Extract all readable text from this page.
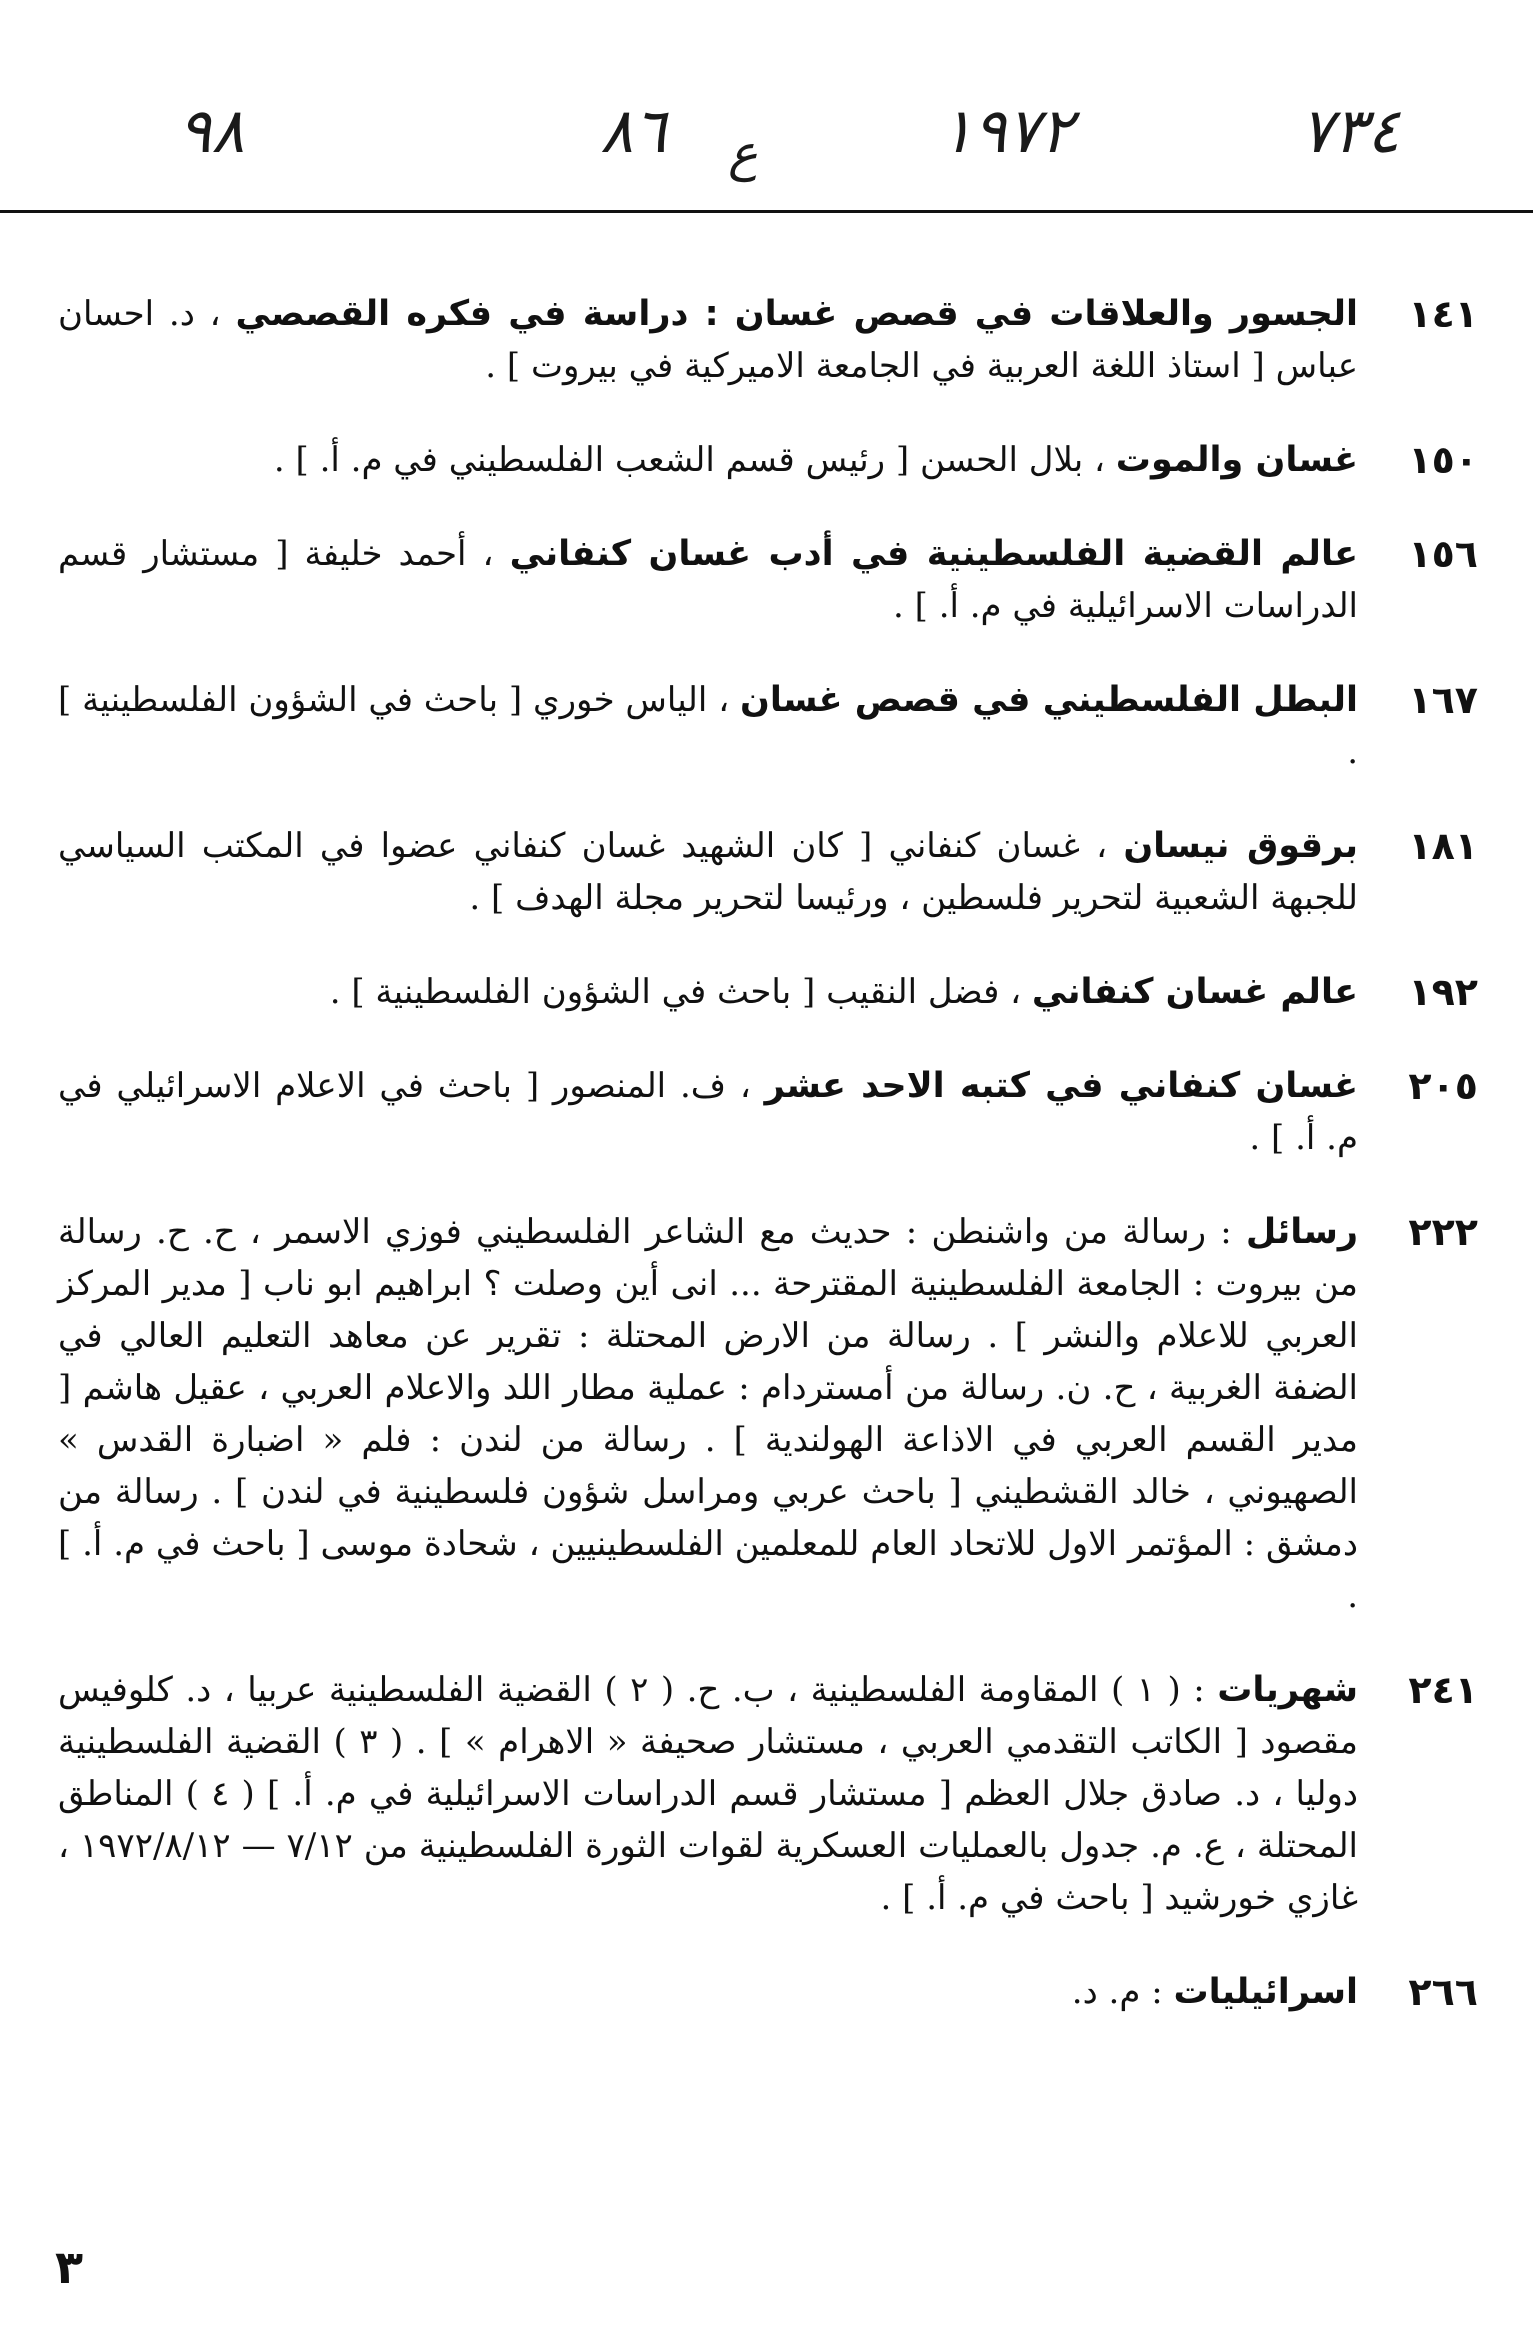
٩٨	٨٦ ع	١٩٧٢	٧٣٤
١٤١
الجسور والعلاقات في قصص غسان : دراسة في فكره القصصي ، د. احسان عباس [ استاذ اللغة العربية في الجامعة الاميركية في بيروت ] .
١٥٠
غسان والموت ، بلال الحسن [ رئيس قسم الشعب الفلسطيني في م. أ. ] .
١٥٦
عالم القضية الفلسطينية في أدب غسان كنفاني ، أحمد خليفة [ مستشار قسم الدراسات الاسرائيلية في م. أ. ] .
١٦٧
البطل الفلسطيني في قصص غسان ، الياس خوري [ باحث في الشؤون الفلسطينية ] .
١٨١
برقوق نيسان ، غسان كنفاني [ كان الشهيد غسان كنفاني عضوا في المكتب السياسي للجبهة الشعبية لتحرير فلسطين ، ورئيسا لتحرير مجلة الهدف ] .
١٩٢
عالم غسان كنفاني ، فضل النقيب [ باحث في الشؤون الفلسطينية ] .
٢٠٥
غسان كنفاني في كتبه الاحد عشر ، ف. المنصور [ باحث في الاعلام الاسرائيلي في م. أ. ] .
٢٢٢
رسائل : رسالة من واشنطن : حديث مع الشاعر الفلسطيني فوزي الاسمر ، ح. ح. رسالة من بيروت : الجامعة الفلسطينية المقترحة ... انى أين وصلت ؟ ابراهيم ابو ناب [ مدير المركز العربي للاعلام والنشر ] . رسالة من الارض المحتلة : تقرير عن معاهد التعليم العالي في الضفة الغربية ، ح. ن. رسالة من أمستردام : عملية مطار اللد والاعلام العربي ، عقيل هاشم [ مدير القسم العربي في الاذاعة الهولندية ] . رسالة من لندن : فلم « اضبارة القدس » الصهيوني ، خالد القشطيني [ باحث عربي ومراسل شؤون فلسطينية في لندن ] . رسالة من دمشق : المؤتمر الاول للاتحاد العام للمعلمين الفلسطينيين ، شحادة موسى [ باحث في م. أ. ] .
٢٤١
شهريات : ( ١ ) المقاومة الفلسطينية ، ب. ح. ( ٢ ) القضية الفلسطينية عربيا ، د. كلوفيس مقصود [ الكاتب التقدمي العربي ، مستشار صحيفة « الاهرام » ] . ( ٣ ) القضية الفلسطينية دوليا ، د. صادق جلال العظم [ مستشار قسم الدراسات الاسرائيلية في م. أ. ] ( ٤ ) المناطق المحتلة ، ع. م. جدول بالعمليات العسكرية لقوات الثورة الفلسطينية من ٧/١٢ — ١٩٧٢/٨/١٢ ، غازي خورشيد [ باحث في م. أ. ] .
٢٦٦
اسرائيليات : م. د.
٣
